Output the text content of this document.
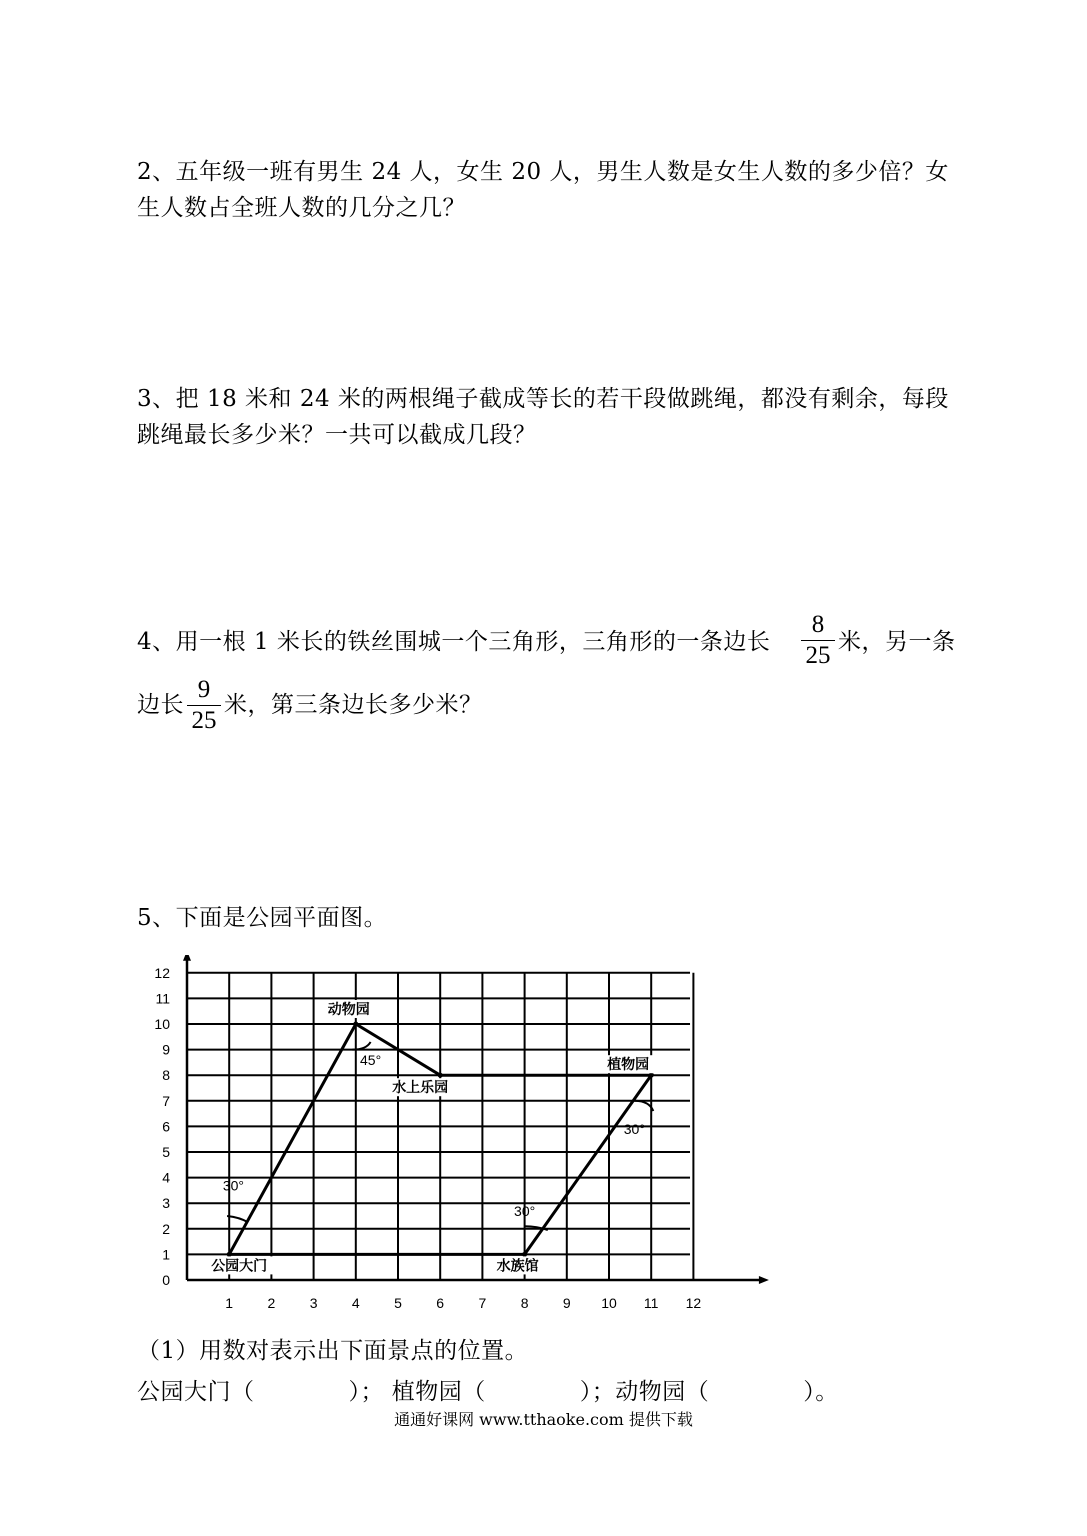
2、五年级一班有男生 24 人，女生 20 人，男生人数是女生人数的多少倍？女
生人数占全班人数的几分之几？
3、把 18 米和 24 米的两根绳子截成等长的若干段做跳绳，都没有剩余，每段
跳绳最长多少米？一共可以截成几段？
4、用一根 1 米长的铁丝围城一个三角形，三角形的一条边长
8
25 米，另一条
边长
9
25
米，第三条边长多少米？
5、下面是公园平面图。
1 2 3 4 5 6 7 8 9 10 11 12
0
1
2
3
4
5
6
7
8
9
10
11
12
公园大门
动物园
水上乐园
植物园
水族馆
30°
45°
30°
30°
（1）用数对表示出下面景点的位置。
公园大门（　　　　）； 植物园（　　　　）；动物园（　　　　）。
通通好课网 www.tthaoke.com 提供下载
